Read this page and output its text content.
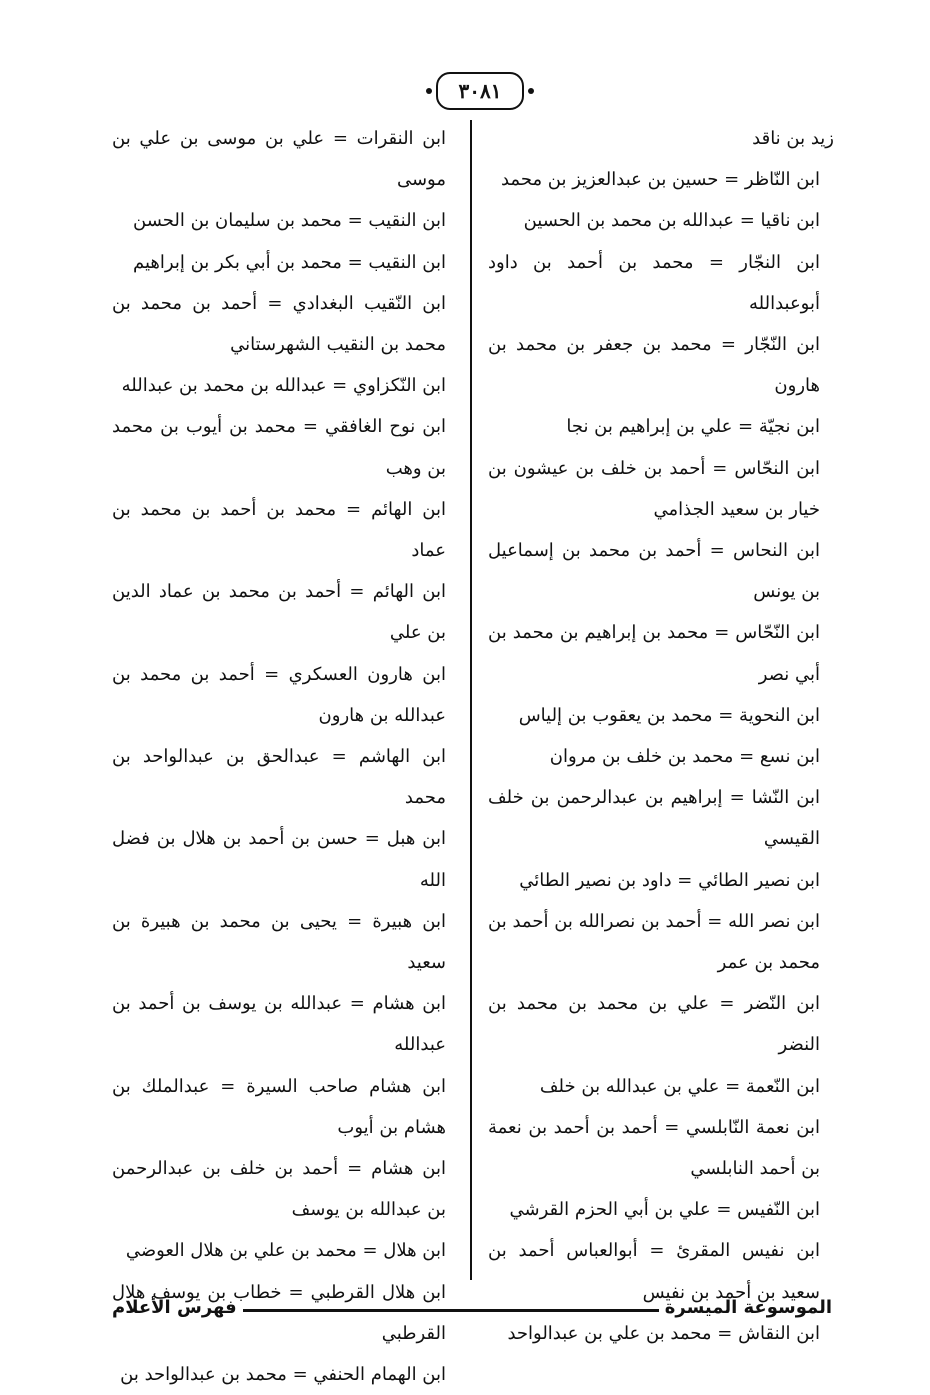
٣٠٨١

زيد بن ناقد

ابن النّاظر = حسين بن عبدالعزيز بن محمد

ابن ناقيا = عبدالله بن محمد بن الحسين

ابن النجّار = محمد بن أحمد بن داود أبوعبدالله

ابن النّجّار = محمد بن جعفر بن محمد بن هارون

ابن نجيّة = علي بن إبراهيم بن نجا

ابن النحّاس = أحمد بن خلف بن عيشون بن خيار بن سعيد الجذامي

ابن النحاس = أحمد بن محمد بن إسماعيل بن يونس

ابن النّحّاس = محمد بن إبراهيم بن محمد بن أبي نصر

ابن النحوية = محمد بن يعقوب بن إلياس

ابن نسع = محمد بن خلف بن مروان

ابن النّشا = إبراهيم بن عبدالرحمن بن خلف القيسي

ابن نصير الطائي = داود بن نصير الطائي

ابن نصر الله = أحمد بن نصرالله بن أحمد بن محمد بن عمر

ابن النّضر = علي بن محمد بن محمد بن النضر

ابن النّعمة = علي بن عبدالله بن خلف

ابن نعمة النّابلسي = أحمد بن أحمد بن نعمة بن أحمد النابلسي

ابن النّفيس = علي بن أبي الحزم القرشي

ابن نفيس المقرئ = أبوالعباس أحمد بن سعيد بن أحمد بن نفيس

ابن النقاش = محمد بن علي بن عبدالواحد

ابن النقرات = علي بن موسى بن علي بن موسى

ابن النقيب = محمد بن سليمان بن الحسن

ابن النقيب = محمد بن أبي بكر بن إبراهيم

ابن النّقيب البغدادي = أحمد بن محمد بن محمد بن النقيب الشهرستاني

ابن النّكزاوي = عبدالله بن محمد بن عبدالله

ابن نوح الغافقي = محمد بن أيوب بن محمد بن وهب

ابن الهائم = محمد بن أحمد بن محمد بن عماد

ابن الهائم = أحمد بن محمد بن عماد الدين بن علي

ابن هارون العسكري = أحمد بن محمد بن عبدالله بن هارون

ابن الهاشم = عبدالحق بن عبدالواحد بن محمد

ابن هبل = حسن بن أحمد بن هلال بن فضل الله

ابن هبيرة = يحيى بن محمد بن هبيرة بن سعيد

ابن هشام = عبدالله بن يوسف بن أحمد بن عبدالله

ابن هشام صاحب السيرة = عبدالملك بن هشام بن أيوب

ابن هشام = أحمد بن خلف بن عبدالرحمن بن عبدالله بن يوسف

ابن هلال = محمد بن علي بن هلال العوضي

ابن هلال القرطبي = خطاب بن يوسف هلال القرطبي

ابن الهمام الحنفي = محمد بن عبدالواحد بن

الموسوعة الميسرة
فهرس الأعلام
